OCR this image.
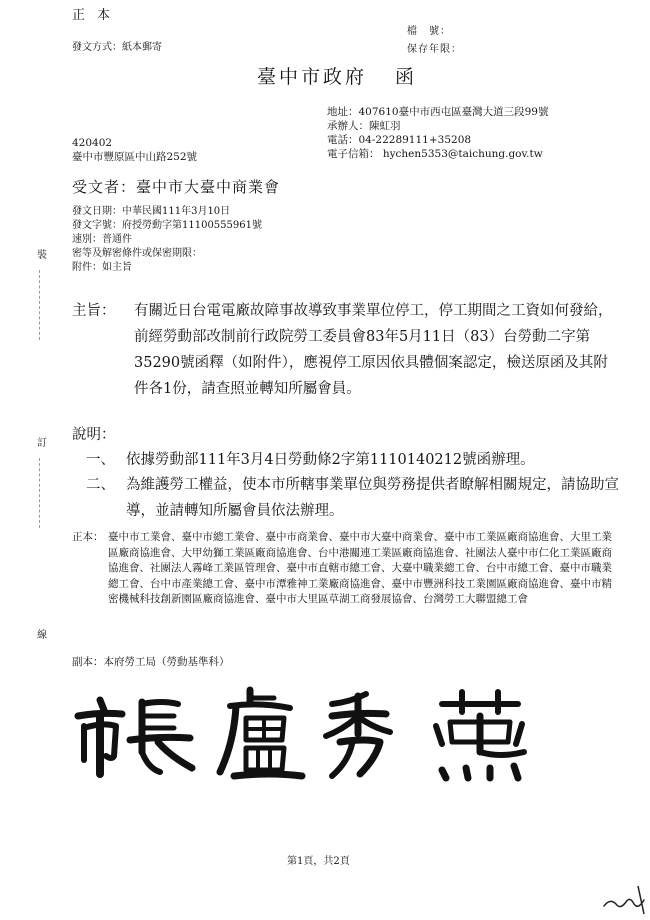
正本
發文方式：紙本郵寄
檔　號：
保存年限：
臺中市政府 函
地址：407610臺中市西屯區臺灣大道三段99號
承辦人：陳虹羽
電話：04-22289111+35208
電子信箱： hychen5353@taichung.gov.tw
420402
臺中市豐原區中山路252號
受文者：臺中市大臺中商業會
發文日期：中華民國111年3月10日
發文字號：府授勞動字第11100555961號
速別：普通件
密等及解密條件或保密期限：
附件：如主旨
主旨： 有關近日台電電廠故障事故導致事業單位停工，停工期間之工資如何發給，前經勞動部改制前行政院勞工委員會83年5月11日（83）台勞動二字第35290號函釋（如附件），應視停工原因依具體個案認定，檢送原函及其附件各1份，請查照並轉知所屬會員。
說明：
一、 依據勞動部111年3月4日勞動條2字第1110140212號函辦理。
二、 為維護勞工權益，使本市所轄事業單位與勞務提供者瞭解相關規定，請協助宣導，並請轉知所屬會員依法辦理。
正本： 臺中市工業會、臺中市總工業會、臺中市商業會、臺中市大臺中商業會、臺中市工業區廠商協進會、大里工業區廠商協進會、大甲幼獅工業區廠商協進會、台中港關連工業區廠商協進會、社團法人臺中市仁化工業區廠商協進會、社團法人霧峰工業區管理會、臺中市直轄市總工會、大臺中職業總工會、台中市總工會、臺中市職業總工會、台中市產業總工會、臺中市潭雅神工業廠商協進會、臺中市豐洲科技工業園區廠商協進會、臺中市精密機械科技創新園區廠商協進會、臺中市大里區草湖工商發展協會、台灣勞工大聯盟總工會
副本：本府勞工局（勞動基準科）
第1頁，共2頁
裝
訂
線
